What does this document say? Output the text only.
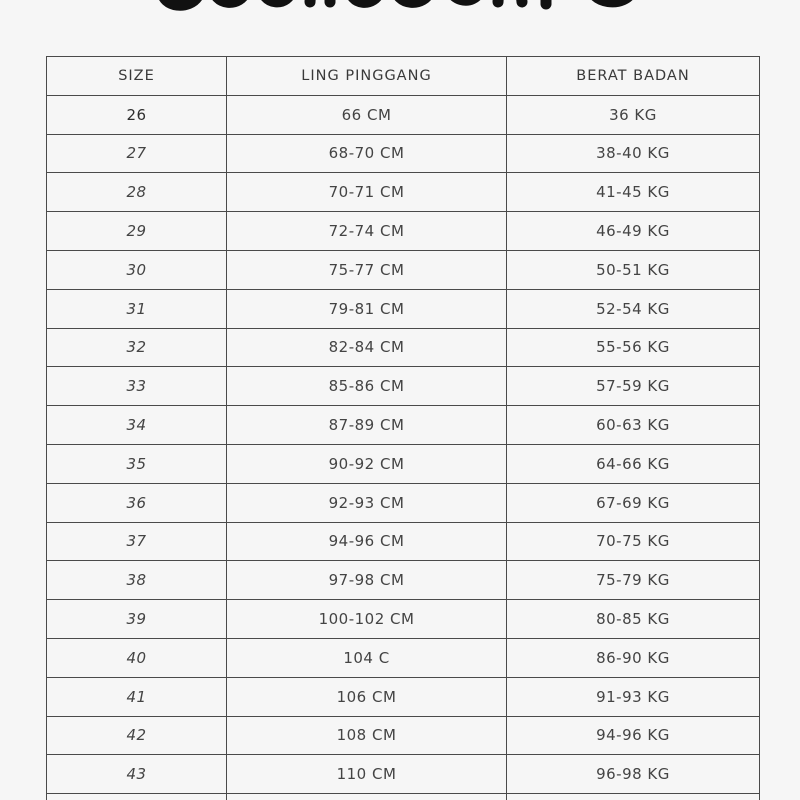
SIZE	LING PINGGANG	BERAT BADAN
26	66 CM	36 KG
27	68-70 CM	38-40 KG
28	70-71 CM	41-45 KG
29	72-74 CM	46-49 KG
30	75-77 CM	50-51 KG
31	79-81 CM	52-54 KG
32	82-84 CM	55-56 KG
33	85-86 CM	57-59 KG
34	87-89 CM	60-63 KG
35	90-92 CM	64-66 KG
36	92-93 CM	67-69 KG
37	94-96 CM	70-75 KG
38	97-98 CM	75-79 KG
39	100-102 CM	80-85 KG
40	104 C	86-90 KG
41	106 CM	91-93 KG
42	108 CM	94-96 KG
43	110 CM	96-98 KG
